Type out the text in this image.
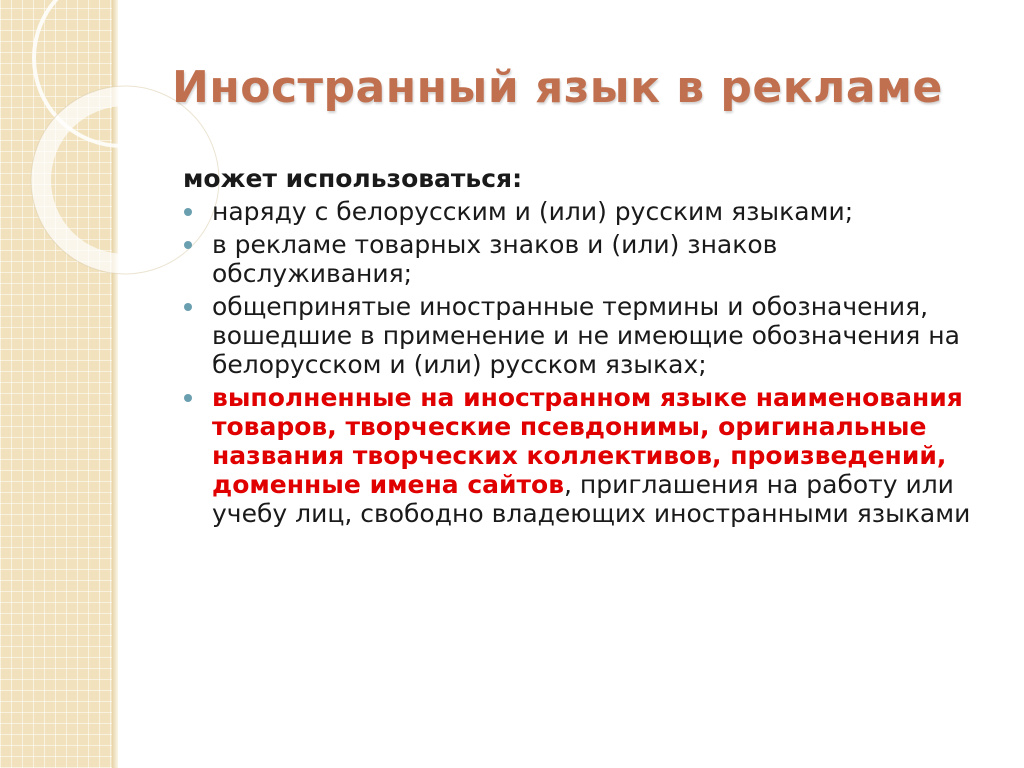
Иностранный язык в рекламе
может использоваться:
наряду с белорусским и (или) русским языками;
в рекламе товарных знаков и (или) знаков обслуживания;
общепринятые иностранные термины и обозначения, вошедшие в применение и не имеющие обозначения на белорусском и (или) русском языках;
выполненные на иностранном языке наименования товаров, творческие псевдонимы, оригинальные названия творческих коллективов, произведений, доменные имена сайтов, приглашения на работу или учебу лиц, свободно владеющих иностранными языками
